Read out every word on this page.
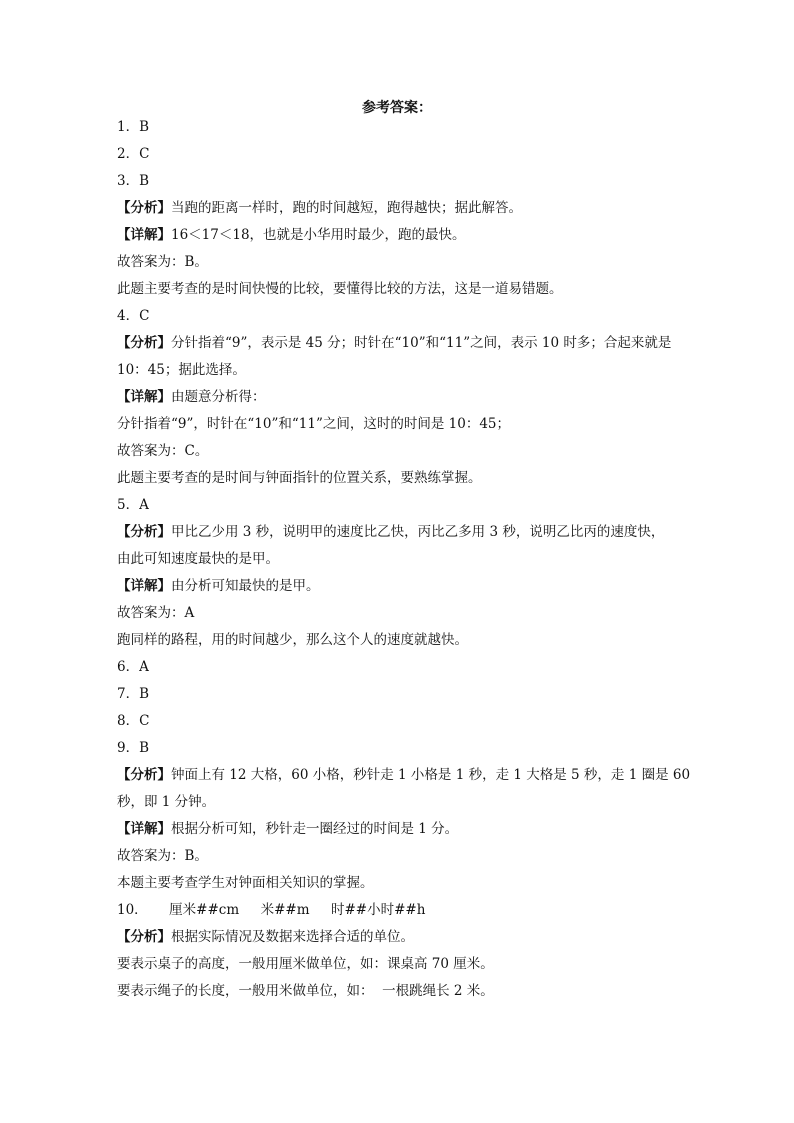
参考答案：
1．B
2．C
3．B
【分析】当跑的距离一样时，跑的时间越短，跑得越快；据此解答。
【详解】16＜17＜18，也就是小华用时最少，跑的最快。
故答案为：B。
此题主要考查的是时间快慢的比较，要懂得比较的方法，这是一道易错题。
4．C
【分析】分针指着“9”，表示是 45 分；时针在“10”和“11”之间，表示 10 时多；合起来就是
10：45；据此选择。
【详解】由题意分析得：
分针指着“9”，时针在“10”和“11”之间，这时的时间是 10：45；
故答案为：C。
此题主要考查的是时间与钟面指针的位置关系，要熟练掌握。
5．A
【分析】甲比乙少用 3 秒，说明甲的速度比乙快，丙比乙多用 3 秒，说明乙比丙的速度快，
由此可知速度最快的是甲。
【详解】由分析可知最快的是甲。
故答案为：A
跑同样的路程，用的时间越少，那么这个人的速度就越快。
6．A
7．B
8．C
9．B
【分析】钟面上有 12 大格，60 小格，秒针走 1 小格是 1 秒，走 1 大格是 5 秒，走 1 圈是 60
秒，即 1 分钟。
【详解】根据分析可知，秒针走一圈经过的时间是 1 分。
故答案为：B。
本题主要考查学生对钟面相关知识的掌握。
10．     厘米##cm     米##m     时##小时##h
【分析】根据实际情况及数据来选择合适的单位。
要表示桌子的高度，一般用厘米做单位，如：课桌高 70 厘米。
要表示绳子的长度，一般用米做单位，如：  一根跳绳长 2 米。
